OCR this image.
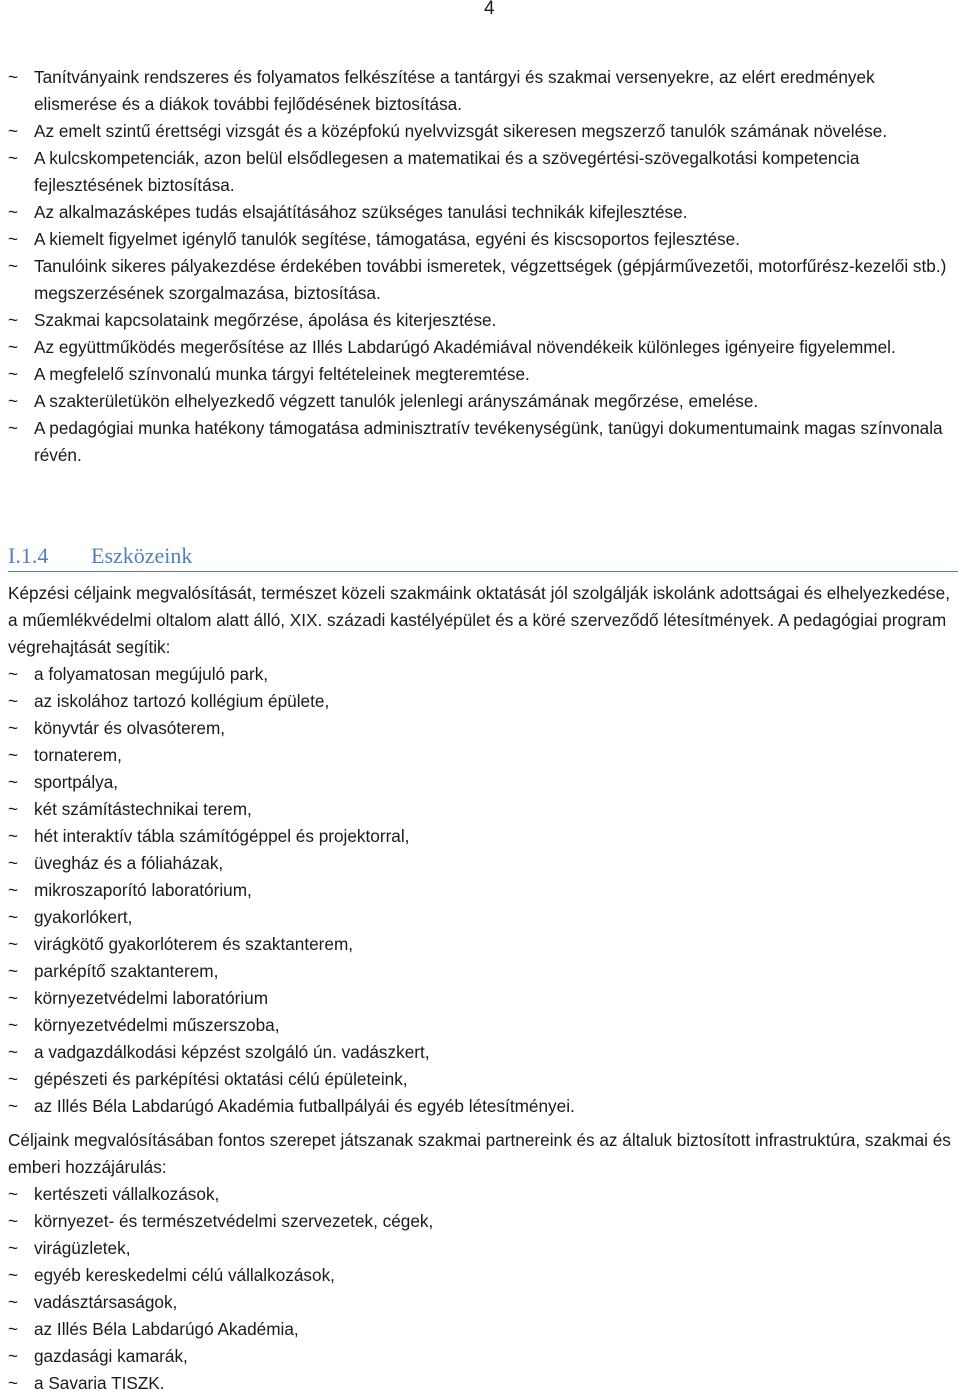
4
~ Tanítványaink rendszeres és folyamatos felkészítése a tantárgyi és szakmai versenyekre, az elért eredmények elismerése és a diákok további fejlődésének biztosítása.
~ Az emelt szintű érettségi vizsgát és a középfokú nyelvvizsgát sikeresen megszerző tanulók számának növelése.
~ A kulcskompetenciák, azon belül elsődlegesen a matematikai és a szövegértési-szövegalkotási kompetencia fejlesztésének biztosítása.
~ Az alkalmazásképes tudás elsajátításához szükséges tanulási technikák kifejlesztése.
~ A kiemelt figyelmet igénylő tanulók segítése, támogatása, egyéni és kiscsoportos fejlesztése.
~ Tanulóink sikeres pályakezdése érdekében további ismeretek, végzettségek (gépjárművezetői, motorfűrész-kezelői stb.) megszerzésének szorgalmazása, biztosítása.
~ Szakmai kapcsolataink megőrzése, ápolása és kiterjesztése.
~ Az együttműködés megerősítése az Illés Labdarúgó Akadémiával növendékeik különleges igényeire figyelemmel.
~ A megfelelő színvonalú munka tárgyi feltételeinek megteremtése.
~ A szakterületükön elhelyezkedő végzett tanulók jelenlegi arányszámának megőrzése, emelése.
~ A pedagógiai munka hatékony támogatása adminisztratív tevékenységünk, tanügyi dokumentumaink magas színvonala révén.
I.1.4 Eszközeink

Képzési céljaink megvalósítását, természet közeli szakmáink oktatását jól szolgálják iskolánk adottságai és elhelyezkedése, a műemlékvédelmi oltalom alatt álló, XIX. századi kastélyépület és a köré szerveződő létesítmények. A pedagógiai program végrehajtását segítik:

~ a folyamatosan megújuló park,
~ az iskolához tartozó kollégium épülete,
~ könyvtár és olvasóterem,
~ tornaterem,
~ sportpálya,
~ két számítástechnikai terem,
~ hét interaktív tábla számítógéppel és projektorral,
~ üvegház és a fóliaházak,
~ mikroszaporító laboratórium,
~ gyakorlókert,
~ virágkötő gyakorlóterem és szaktanterem,
~ parképítő szaktanterem,
~ környezetvédelmi laboratórium
~ környezetvédelmi műszerszoba,
~ a vadgazdálkodási képzést szolgáló ún. vadászkert,
~ gépészeti és parképítési oktatási célú épületeink,
~ az Illés Béla Labdarúgó Akadémia futballpályái és egyéb létesítményei.

Céljaink megvalósításában fontos szerepet játszanak szakmai partnereink és az általuk biztosított infrastruktúra, szakmai és emberi hozzájárulás:

~ kertészeti vállalkozások,
~ környezet- és természetvédelmi szervezetek, cégek,
~ virágüzletek,
~ egyéb kereskedelmi célú vállalkozások,
~ vadásztársaságok,
~ az Illés Béla Labdarúgó Akadémia,
~ gazdasági kamarák,
~ a Savaria TISZK.
